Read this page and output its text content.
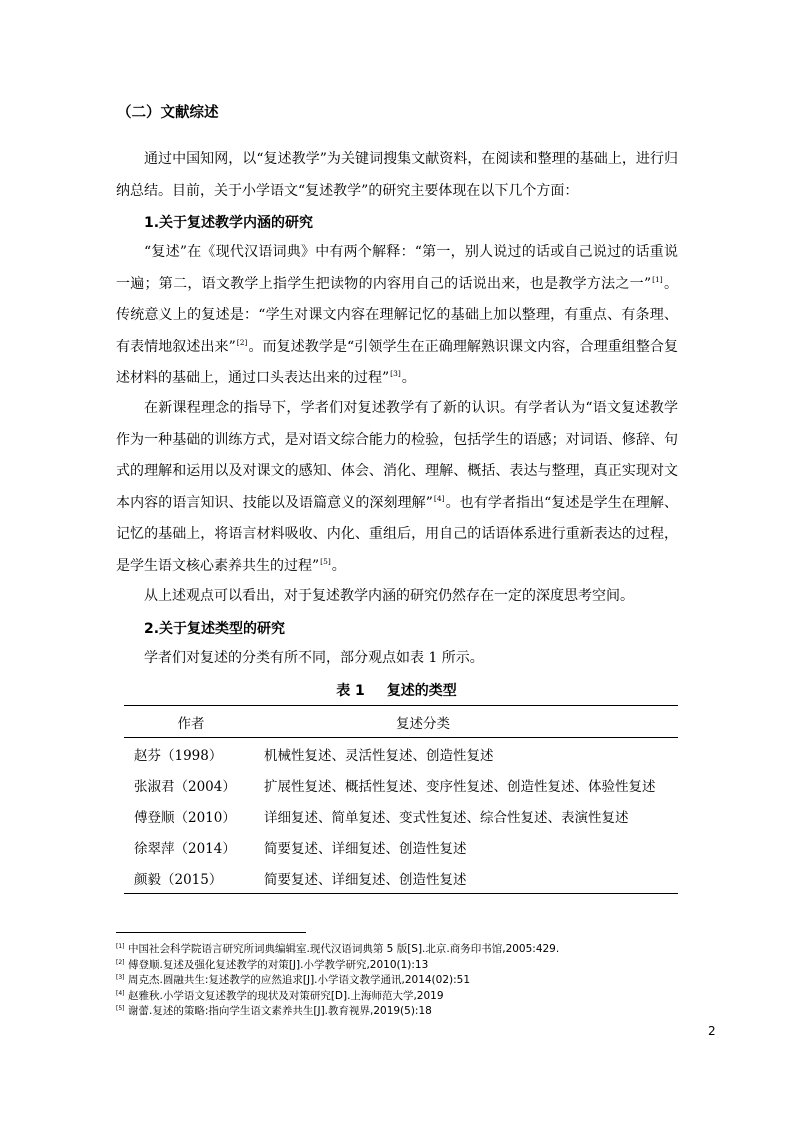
（二）文献综述

通过中国知网，以“复述教学”为关键词搜集文献资料，在阅读和整理的基础上，进行归纳总结。目前，关于小学语文“复述教学”的研究主要体现在以下几个方面：

1.关于复述教学内涵的研究

“复述”在《现代汉语词典》中有两个解释：“第一，别人说过的话或自己说过的话重说一遍；第二，语文教学上指学生把读物的内容用自己的话说出来，也是教学方法之一”[1]。传统意义上的复述是：“学生对课文内容在理解记忆的基础上加以整理，有重点、有条理、有表情地叙述出来”[2]。而复述教学是“引领学生在正确理解熟识课文内容，合理重组整合复述材料的基础上，通过口头表达出来的过程”[3]。

在新课程理念的指导下，学者们对复述教学有了新的认识。有学者认为“语文复述教学作为一种基础的训练方式，是对语文综合能力的检验，包括学生的语感；对词语、修辞、句式的理解和运用以及对课文的感知、体会、消化、理解、概括、表达与整理，真正实现对文本内容的语言知识、技能以及语篇意义的深刻理解”[4]。也有学者指出“复述是学生在理解、记忆的基础上，将语言材料吸收、内化、重组后，用自己的话语体系进行重新表达的过程，是学生语文核心素养共生的过程”[5]。

从上述观点可以看出，对于复述教学内涵的研究仍然存在一定的深度思考空间。

2.关于复述类型的研究

学者们对复述的分类有所不同，部分观点如表 1 所示。

表 1 复述的类型
作者	复述分类
赵芬（1998）	机械性复述、灵活性复述、创造性复述
张淑君（2004）	扩展性复述、概括性复述、变序性复述、创造性复述、体验性复述
傅登顺（2010）	详细复述、简单复述、变式性复述、综合性复述、表演性复述
徐翠萍（2014）	简要复述、详细复述、创造性复述
颜毅（2015）	简要复述、详细复述、创造性复述
[1] 中国社会科学院语言研究所词典编辑室.现代汉语词典第 5 版[S].北京.商务印书馆,2005:429.
[2] 傅登顺.复述及强化复述教学的对策[J].小学教学研究,2010(1):13
[3] 周克杰.圆融共生:复述教学的应然追求[J].小学语文教学通讯,2014(02):51
[4] 赵雅秋.小学语文复述教学的现状及对策研究[D].上海师范大学,2019
[5] 谢蕾.复述的策略:指向学生语文素养共生[J].教育视界,2019(5):18
2
